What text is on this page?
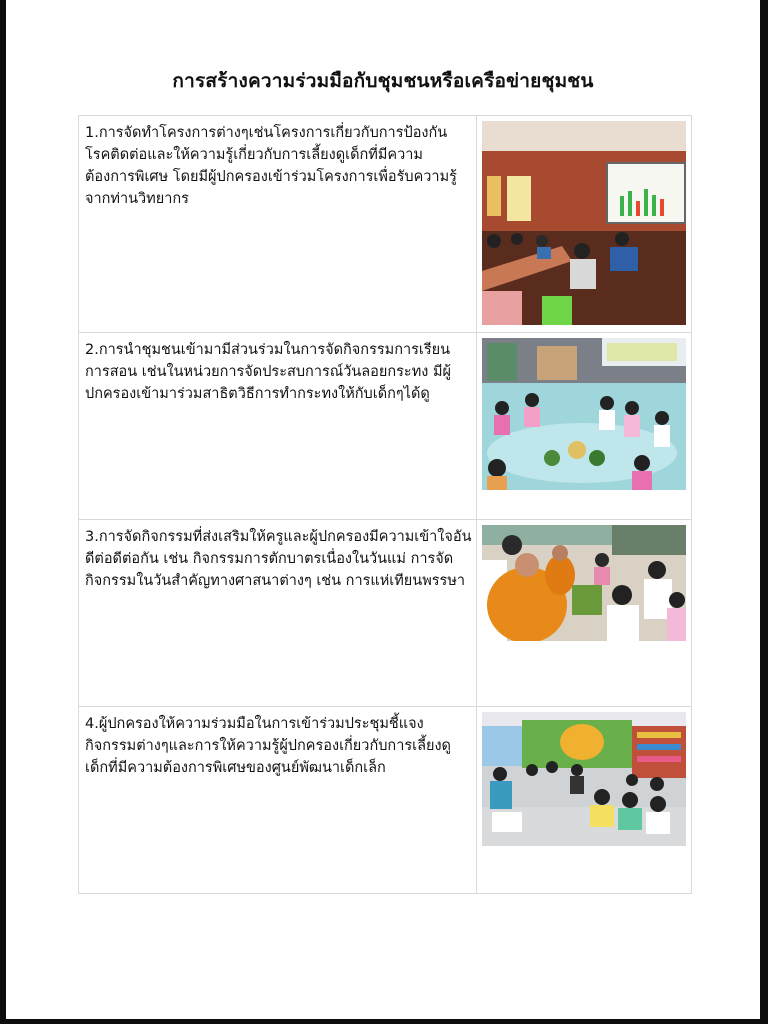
การสร้างความร่วมมือกับชุมชนหรือเครือข่ายชุมชน
1.การจัดทำโครงการต่างๆเช่นโครงการเกี่ยวกับการป้องกันโรคติดต่อและให้ความรู้เกี่ยวกับการเลี้ยงดูเด็กที่มีความต้องการพิเศษ โดยมีผู้ปกครองเข้าร่วมโครงการเพื่อรับความรู้จากท่านวิทยากร

2.การนำชุมชนเข้ามามีส่วนร่วมในการจัดกิจกรรมการเรียนการสอน เช่นในหน่วยการจัดประสบการณ์วันลอยกระทง มีผู้ปกครองเข้ามาร่วมสาธิตวิธีการทำกระทงให้กับเด็กๆได้ดู

3.การจัดกิจกรรมที่ส่งเสริมให้ครูและผู้ปกครองมีความเข้าใจอันดีต่อดีต่อกัน เช่น กิจกรรมการตักบาตรเนื่องในวันแม่ การจัดกิจกรรมในวันสำคัญทางศาสนาต่างๆ เช่น การแห่เทียนพรรษา

4.ผู้ปกครองให้ความร่วมมือในการเข้าร่วมประชุมชี้แจงกิจกรรมต่างๆและการให้ความรู้ผู้ปกครองเกี่ยวกับการเลี้ยงดูเด็กที่มีความต้องการพิเศษของศูนย์พัฒนาเด็กเล็ก
